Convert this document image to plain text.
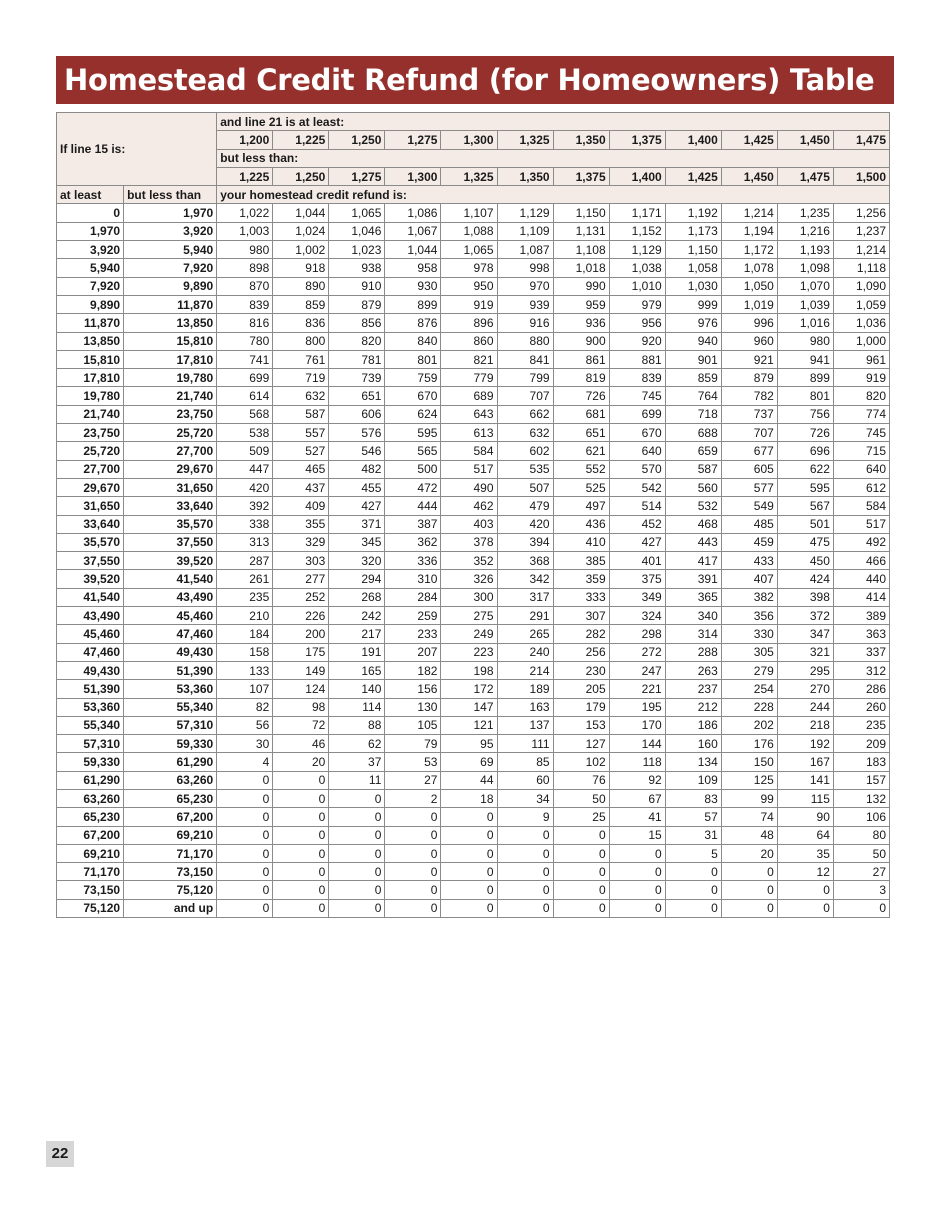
Homestead Credit Refund (for Homeowners) Table
If line 15 is:		and line 21 is at least:											
		1,200	1,225	1,250	1,275	1,300	1,325	1,350	1,375	1,400	1,425	1,450	1,475
		but less than:											
		1,225	1,250	1,275	1,300	1,325	1,350	1,375	1,400	1,425	1,450	1,475	1,500
at least	but less than	your homestead credit refund is:											
0	1,970	1,022	1,044	1,065	1,086	1,107	1,129	1,150	1,171	1,192	1,214	1,235	1,256
1,970	3,920	1,003	1,024	1,046	1,067	1,088	1,109	1,131	1,152	1,173	1,194	1,216	1,237
3,920	5,940	980	1,002	1,023	1,044	1,065	1,087	1,108	1,129	1,150	1,172	1,193	1,214
5,940	7,920	898	918	938	958	978	998	1,018	1,038	1,058	1,078	1,098	1,118
7,920	9,890	870	890	910	930	950	970	990	1,010	1,030	1,050	1,070	1,090
9,890	11,870	839	859	879	899	919	939	959	979	999	1,019	1,039	1,059
11,870	13,850	816	836	856	876	896	916	936	956	976	996	1,016	1,036
13,850	15,810	780	800	820	840	860	880	900	920	940	960	980	1,000
15,810	17,810	741	761	781	801	821	841	861	881	901	921	941	961
17,810	19,780	699	719	739	759	779	799	819	839	859	879	899	919
19,780	21,740	614	632	651	670	689	707	726	745	764	782	801	820
21,740	23,750	568	587	606	624	643	662	681	699	718	737	756	774
23,750	25,720	538	557	576	595	613	632	651	670	688	707	726	745
25,720	27,700	509	527	546	565	584	602	621	640	659	677	696	715
27,700	29,670	447	465	482	500	517	535	552	570	587	605	622	640
29,670	31,650	420	437	455	472	490	507	525	542	560	577	595	612
31,650	33,640	392	409	427	444	462	479	497	514	532	549	567	584
33,640	35,570	338	355	371	387	403	420	436	452	468	485	501	517
35,570	37,550	313	329	345	362	378	394	410	427	443	459	475	492
37,550	39,520	287	303	320	336	352	368	385	401	417	433	450	466
39,520	41,540	261	277	294	310	326	342	359	375	391	407	424	440
41,540	43,490	235	252	268	284	300	317	333	349	365	382	398	414
43,490	45,460	210	226	242	259	275	291	307	324	340	356	372	389
45,460	47,460	184	200	217	233	249	265	282	298	314	330	347	363
47,460	49,430	158	175	191	207	223	240	256	272	288	305	321	337
49,430	51,390	133	149	165	182	198	214	230	247	263	279	295	312
51,390	53,360	107	124	140	156	172	189	205	221	237	254	270	286
53,360	55,340	82	98	114	130	147	163	179	195	212	228	244	260
55,340	57,310	56	72	88	105	121	137	153	170	186	202	218	235
57,310	59,330	30	46	62	79	95	111	127	144	160	176	192	209
59,330	61,290	4	20	37	53	69	85	102	118	134	150	167	183
61,290	63,260	0	0	11	27	44	60	76	92	109	125	141	157
63,260	65,230	0	0	0	2	18	34	50	67	83	99	115	132
65,230	67,200	0	0	0	0	0	9	25	41	57	74	90	106
67,200	69,210	0	0	0	0	0	0	0	15	31	48	64	80
69,210	71,170	0	0	0	0	0	0	0	0	5	20	35	50
71,170	73,150	0	0	0	0	0	0	0	0	0	0	12	27
73,150	75,120	0	0	0	0	0	0	0	0	0	0	0	3
75,120	and up	0	0	0	0	0	0	0	0	0	0	0	0
22
